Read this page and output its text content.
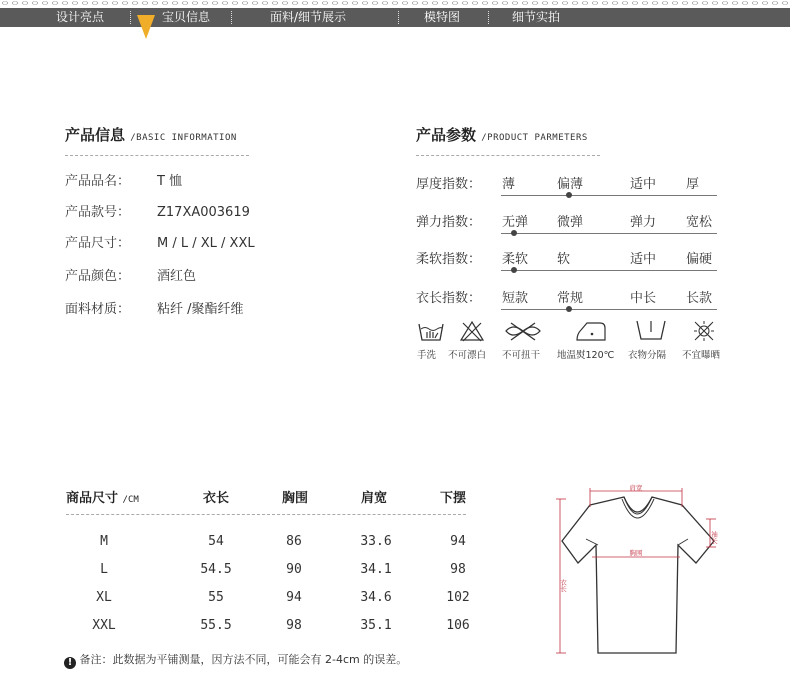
设计亮点	宝贝信息	面料/细节展示	模特图	细节实拍
产品信息 /BASIC INFORMATION
产品品名： T 恤
产品款号： Z17XA003619
产品尺寸： M / L / XL / XXL
产品颜色： 酒红色
面料材质： 粘纤 /聚酯纤维
产品参数 /PRODUCT PARMETERS
厚度指数： 薄	偏薄	适中 厚
弹力指数： 无弹 微弹	弹力 宽松
柔软指数： 柔软 软	适中 偏硬
衣长指数： 短款 常规	中长 长款
手洗 不可漂白 不可扭干 地温熨120℃ 衣物分隔 不宜曝晒
商品尺寸 /CM	衣长	胸围	肩宽	下摆
M	54	86	33.6	94
L	54.5	90	34.1	98
XL	55	94	34.6	102
XXL	55.5	98	35.1	106
! 备注：此数据为平铺测量，因方法不同，可能会有 2-4cm 的误差。
肩宽
胸围
袖长
衣长
